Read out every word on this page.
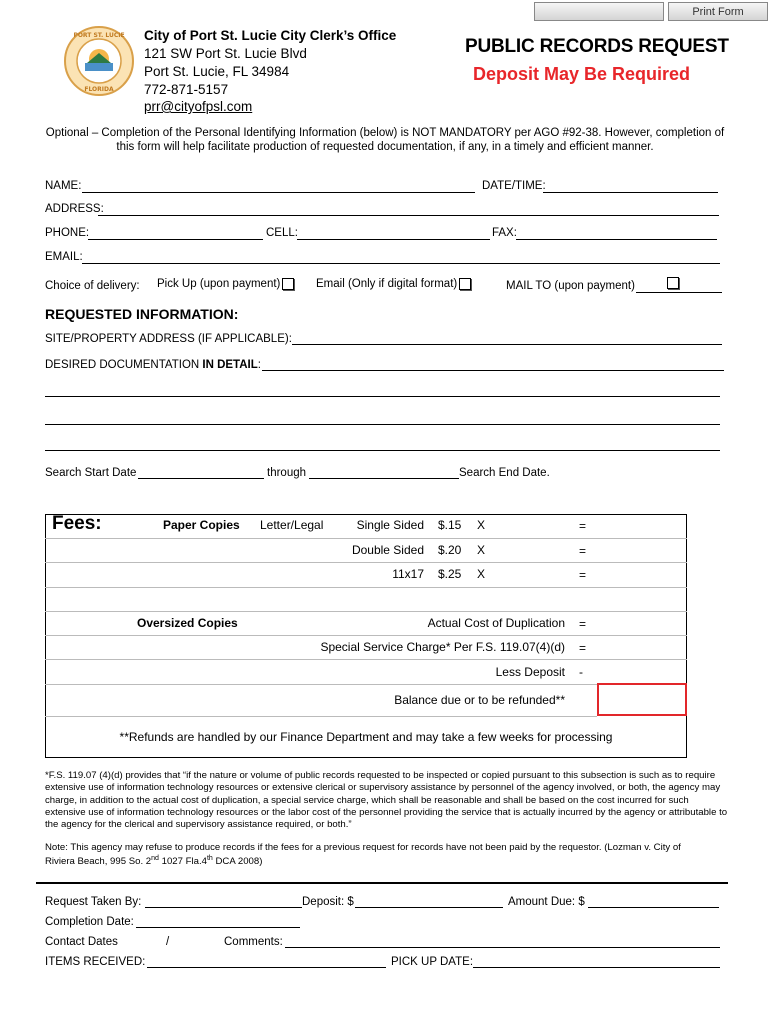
Print Form
PORT ST. LUCIE
FLORIDA
City of Port St. Lucie City Clerk’s Office
121 SW Port St. Lucie Blvd
Port St. Lucie, FL 34984
772-871-5157
prr@cityofpsl.com
PUBLIC RECORDS REQUEST
Deposit May Be Required
Optional – Completion of the Personal Identifying Information (below) is NOT MANDATORY per AGO #92-38. However, completion of
this form will help facilitate production of requested documentation, if any, in a timely and efficient manner.
NAME:	DATE/TIME:
ADDRESS:
PHONE:	CELL:	FAX:
EMAIL:
Choice of delivery: Pick Up (upon payment)	Email (Only if digital format)	MAIL TO (upon payment)
REQUESTED INFORMATION:
SITE/PROPERTY ADDRESS (IF APPLICABLE):
DESIRED DOCUMENTATION IN DETAIL:
Search Start Date	through	Search End Date.
Fees:	Paper Copies Letter/Legal	Single Sided $.15 X	=
Double Sided $.20 X	=
11x17 $.25 X	=
Oversized Copies	Actual Cost of Duplication =
Special Service Charge* Per F.S. 119.07(4)(d) =
Less Deposit -
Balance due or to be refunded**
**Refunds are handled by our Finance Department and may take a few weeks for processing
*F.S. 119.07 (4)(d) provides that “if the nature or volume of public records requested to be inspected or copied pursuant to this subsection is such as to require extensive use of information technology resources or extensive clerical or supervisory assistance by personnel of the agency involved, or both, the agency may charge, in addition to the actual cost of duplication, a special service charge, which shall be reasonable and shall be based on the cost incurred for such extensive use of information technology resources or the labor cost of the personnel providing the service that is actually incurred by the agency or attributable to the agency for the clerical and supervisory assistance required, or both.”
Note: This agency may refuse to produce records if the fees for a previous request for records have not been paid by the requestor. (Lozman v. City of
Riviera Beach, 995 So. 2nd 1027 Fla.4th DCA 2008)
Request Taken By:	Deposit: $	Amount Due: $
Completion Date:
Contact Dates	/	Comments:
ITEMS RECEIVED:	PICK UP DATE:
